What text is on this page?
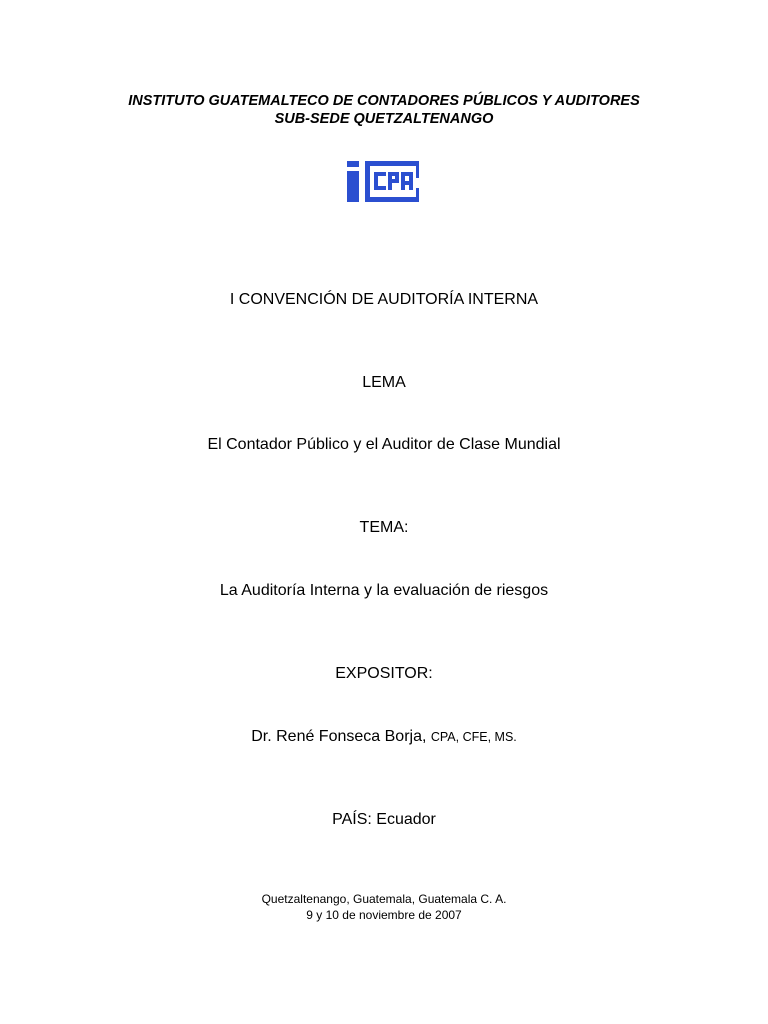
INSTITUTO GUATEMALTECO DE CONTADORES PÚBLICOS Y AUDITORES
SUB-SEDE QUETZALTENANGO
I CONVENCIÓN DE AUDITORÍA INTERNA
LEMA
El Contador Público y el Auditor de Clase Mundial
TEMA:
La Auditoría Interna y la evaluación de riesgos
EXPOSITOR:
Dr. René Fonseca Borja, CPA, CFE, MS.
PAÍS: Ecuador
Quetzaltenango, Guatemala, Guatemala C. A.
9 y 10 de noviembre de 2007
